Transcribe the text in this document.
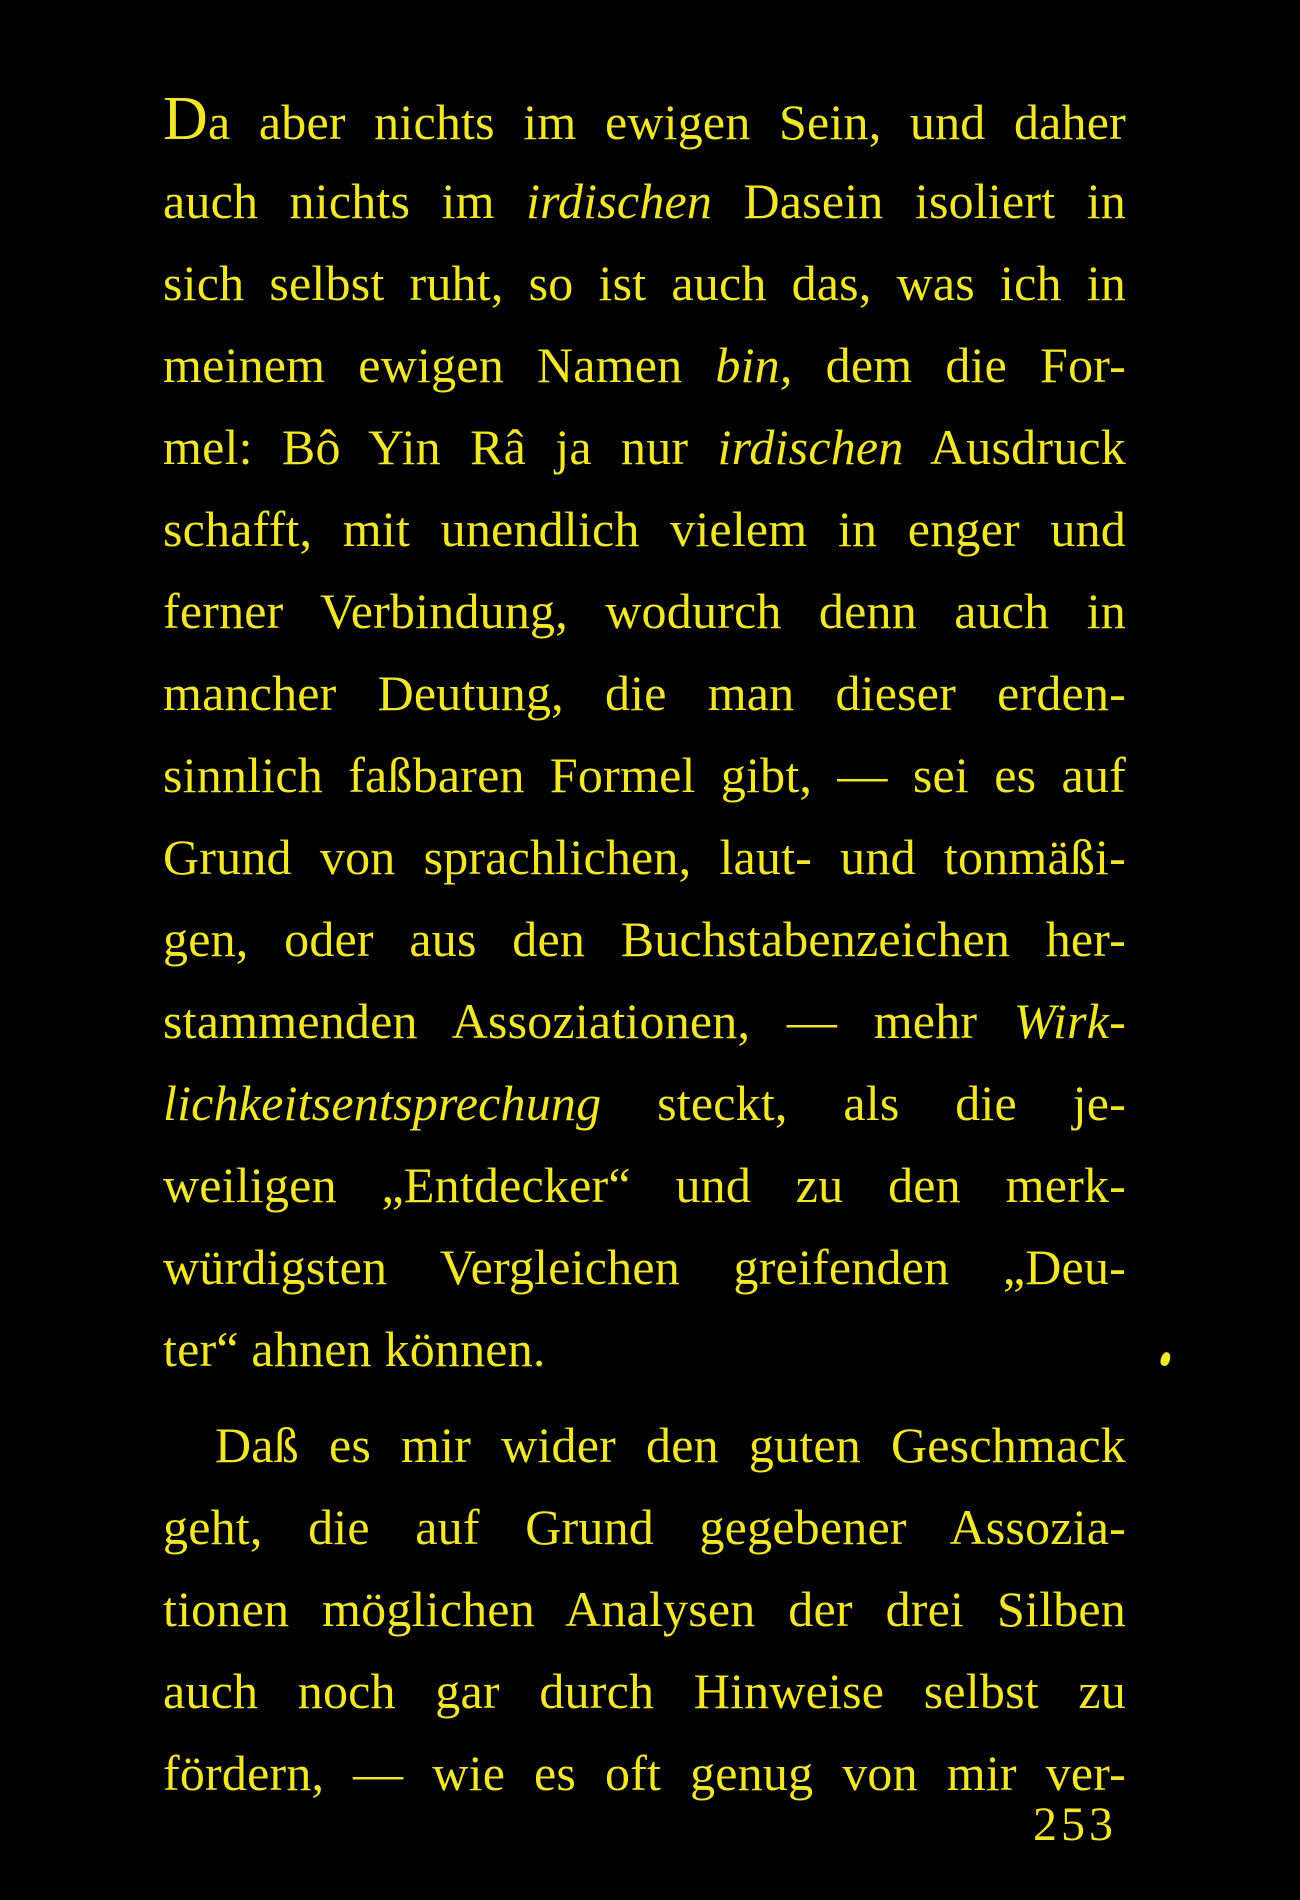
Da aber nichts im ewigen Sein, und daher
auch nichts im irdischen Dasein isoliert in
sich selbst ruht, so ist auch das, was ich in
meinem ewigen Namen bin, dem die For-
mel: Bô Yin Râ ja nur irdischen Ausdruck
schafft, mit unendlich vielem in enger und
ferner Verbindung, wodurch denn auch in
mancher Deutung, die man dieser erden-
sinnlich faßbaren Formel gibt, — sei es auf
Grund von sprachlichen, laut- und tonmäßi-
gen, oder aus den Buchstabenzeichen her-
stammenden Assoziationen, — mehr Wirk-
lichkeitsentsprechung steckt, als die je-
weiligen „Entdecker“ und zu den merk-
würdigsten Vergleichen greifenden „Deu-
ter“ ahnen können.
Daß es mir wider den guten Geschmack
geht, die auf Grund gegebener Assozia-
tionen möglichen Analysen der drei Silben
auch noch gar durch Hinweise selbst zu
fördern, — wie es oft genug von mir ver-
253
